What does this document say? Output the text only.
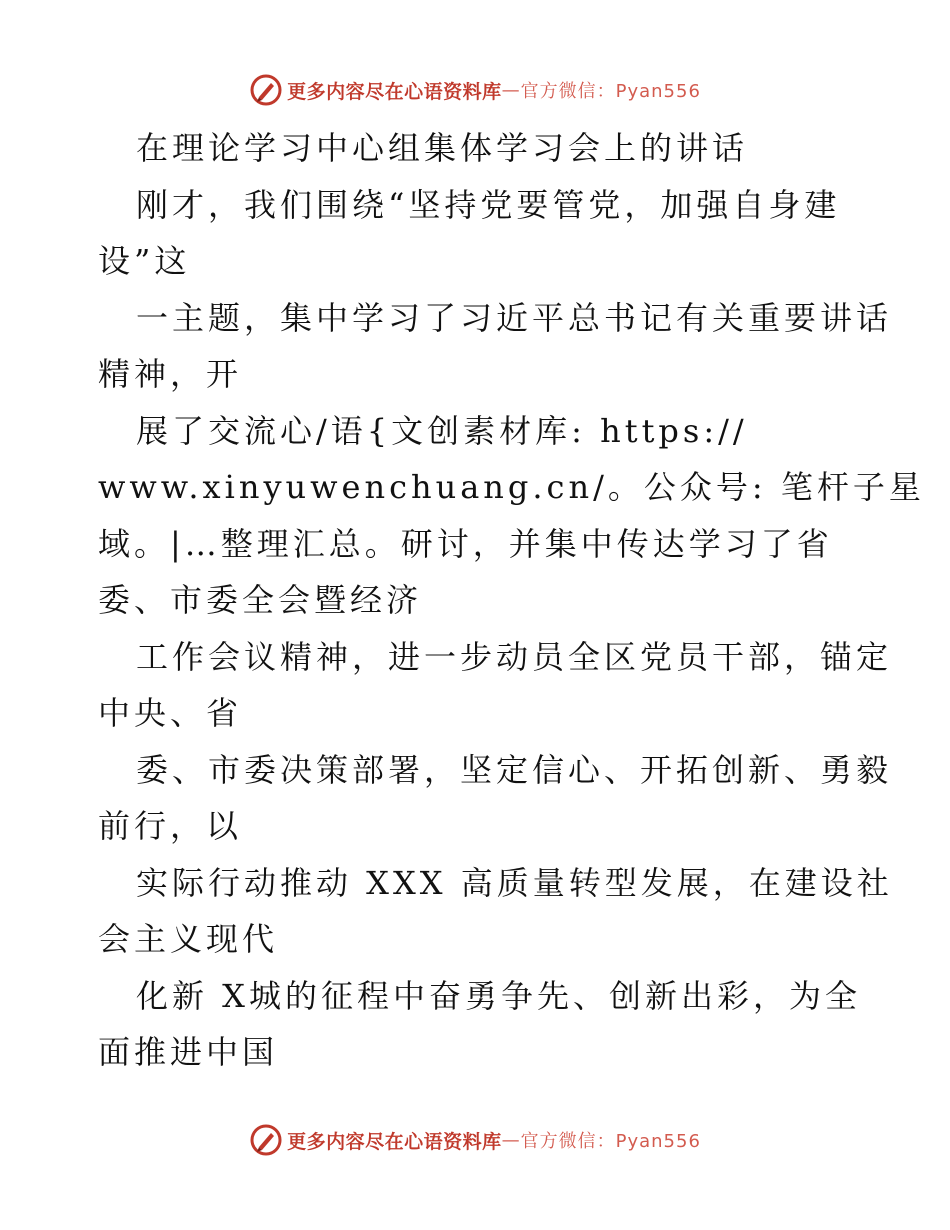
更多内容尽在心语资料库 — 官方微信：Pyan556
在理论学习中心组集体学习会上的讲话
刚才，我们围绕“坚持党要管党，加强自身建
设”这
一主题，集中学习了习近平总书记有关重要讲话
精神，开
展了交流心/语{文创素材库: https://
www.xinyuwenchuang.cn/。公众号: 笔杆子星
域。|…整理汇总。研讨，并集中传达学习了省
委、市委全会暨经济
工作会议精神，进一步动员全区党员干部，锚定
中央、省
委、市委决策部署，坚定信心、开拓创新、勇毅
前行，以
实际行动推动 XXX 高质量转型发展，在建设社
会主义现代
化新 X城的征程中奋勇争先、创新出彩，为全
面推进中国
更多内容尽在心语资料库 — 官方微信：Pyan556
